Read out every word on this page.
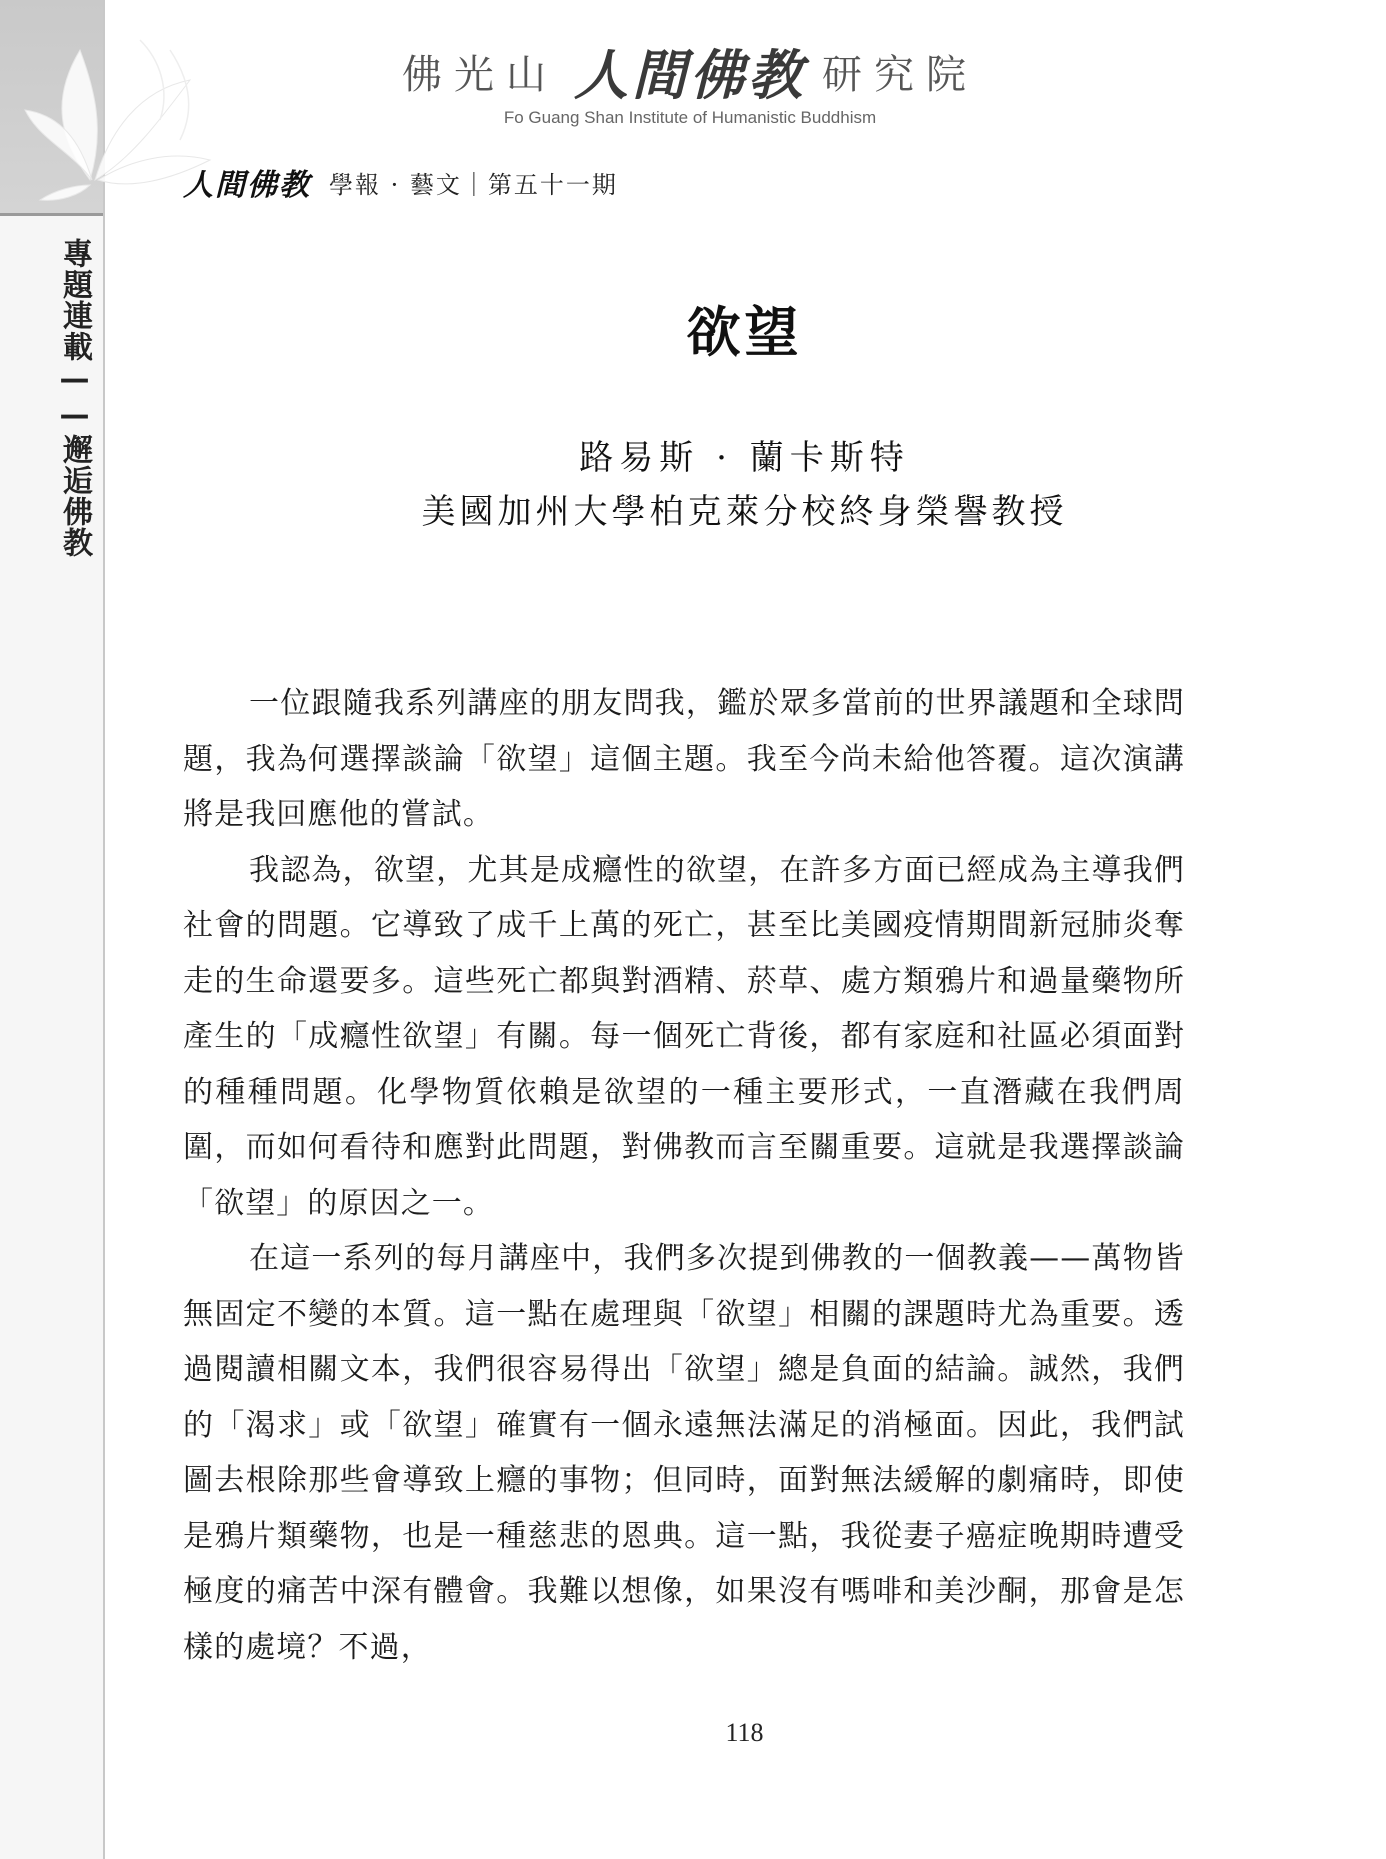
專題連載——邂逅佛教
佛光山 人間佛教 研究院
Fo Guang Shan Institute of Humanistic Buddhism
人間佛教 學報 · 藝文｜第五十一期
欲望
路易斯 · 蘭卡斯特
美國加州大學柏克萊分校終身榮譽教授

一位跟隨我系列講座的朋友問我，鑑於眾多當前的世界議題和全球問題，我為何選擇談論「欲望」這個主題。我至今尚未給他答覆。這次演講將是我回應他的嘗試。

我認為，欲望，尤其是成癮性的欲望，在許多方面已經成為主導我們社會的問題。它導致了成千上萬的死亡，甚至比美國疫情期間新冠肺炎奪走的生命還要多。這些死亡都與對酒精、菸草、處方類鴉片和過量藥物所產生的「成癮性欲望」有關。每一個死亡背後，都有家庭和社區必須面對的種種問題。化學物質依賴是欲望的一種主要形式，一直潛藏在我們周圍，而如何看待和應對此問題，對佛教而言至關重要。這就是我選擇談論「欲望」的原因之一。

在這一系列的每月講座中，我們多次提到佛教的一個教義——萬物皆無固定不變的本質。這一點在處理與「欲望」相關的課題時尤為重要。透過閱讀相關文本，我們很容易得出「欲望」總是負面的結論。誠然，我們的「渴求」或「欲望」確實有一個永遠無法滿足的消極面。因此，我們試圖去根除那些會導致上癮的事物；但同時，面對無法緩解的劇痛時，即使是鴉片類藥物，也是一種慈悲的恩典。這一點，我從妻子癌症晚期時遭受極度的痛苦中深有體會。我難以想像，如果沒有嗎啡和美沙酮，那會是怎樣的處境？不過，

118
